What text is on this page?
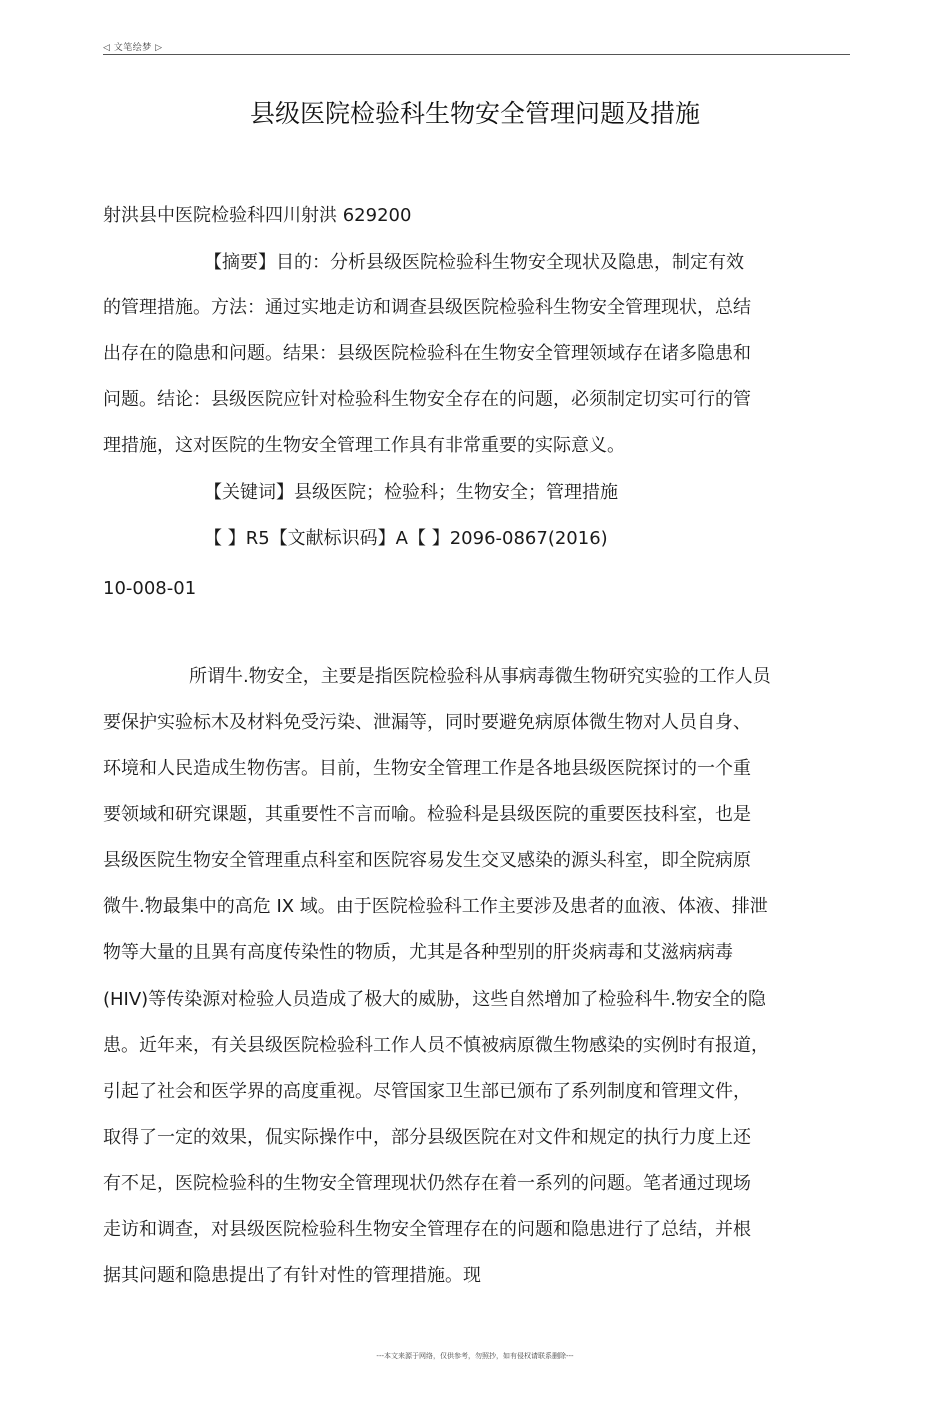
◁ 文笔绘梦 ▷
县级医院检验科生物安全管理问题及措施
射洪县中医院检验科四川射洪 629200
【摘要】目的：分析县级医院检验科生物安全现状及隐患，制定有效
的管理措施。方法：通过实地走访和调查县级医院检验科生物安全管理现状，总结
出存在的隐患和问题。结果：县级医院检验科在生物安全管理领域存在诸多隐患和
问题。结论：县级医院应针对检验科生物安全存在的问题，必须制定切实可行的管
理措施，这对医院的生物安全管理工作具有非常重要的实际意义。
【关键词】县级医院；检验科；生物安全；管理措施
【 】R5【文献标识码】A【 】2096-0867(2016)
10-008-01
所谓牛.物安全，主要是指医院检验科从事病毒微生物研究实验的工作人员
要保护实验标木及材料免受污染、泄漏等，同时要避免病原体微生物对人员自身、
环境和人民造成生物伤害。目前，生物安全管理工作是各地县级医院探讨的一个重
要领域和研究课题，其重要性不言而喻。检验科是县级医院的重要医技科室，也是
县级医院生物安全管理重点科室和医院容易发生交叉感染的源头科室，即全院病原
微牛.物最集中的高危 IX 域。由于医院检验科工作主要涉及患者的血液、体液、排泄
物等大量的且異有高度传染性的物质，尤其是各种型别的肝炎病毒和艾滋病病毒
(HIV)等传染源对检验人员造成了极大的威胁，这些自然增加了检验科牛.物安全的隐
患。近年来，有关县级医院检验科工作人员不慎被病原微生物感染的实例时有报道，
引起了社会和医学界的高度重视。尽管国家卫生部已颁布了系列制度和管理文件，
取得了一定的效果，侃实际操作中，部分县级医院在对文件和规定的执行力度上还
有不足，医院检验科的生物安全管理现状仍然存在着一系列的问题。笔者通过现场
走访和调查，对县级医院检验科生物安全管理存在的问题和隐患进行了总结，并根
据其问题和隐患提出了有针对性的管理措施。现
---本文来源于网络，仅供参考，勿照抄，如有侵权请联系删除---
